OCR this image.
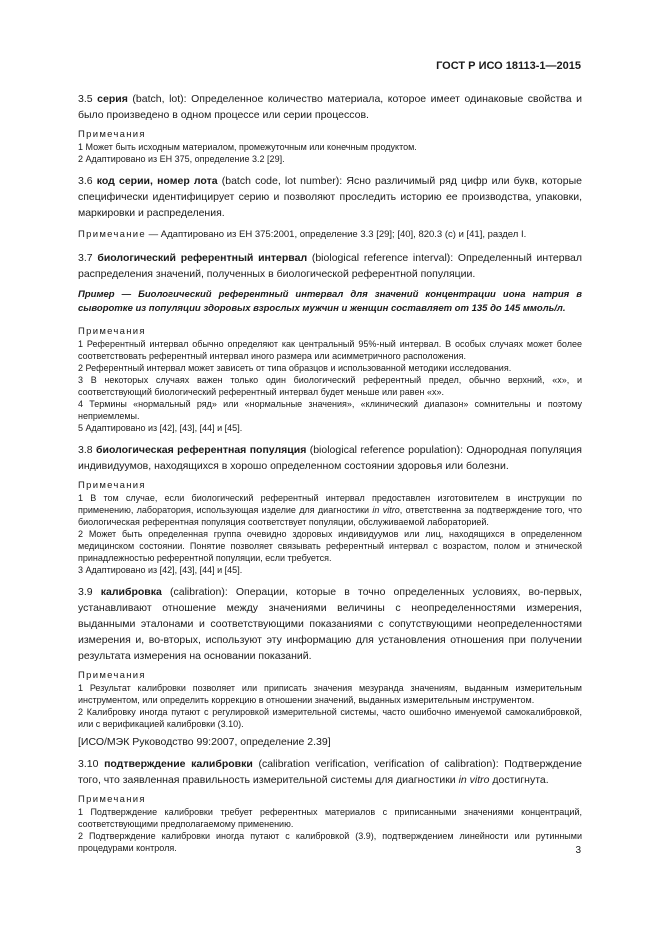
ГОСТ Р ИСО 18113-1—2015

3.5 серия (batch, lot): Определенное количество материала, которое имеет одинаковые свойства и было произведено в одном процессе или серии процессов.

Примечания

1 Может быть исходным материалом, промежуточным или конечным продуктом.

2 Адаптировано из ЕН 375, определение 3.2 [29].

3.6 код серии, номер лота (batch code, lot number): Ясно различимый ряд цифр или букв, которые специфически идентифицирует серию и позволяют проследить историю ее производства, упаковки, маркировки и распределения.

Примечание — Адаптировано из ЕН 375:2001, определение 3.3 [29]; [40], 820.3 (с) и [41], раздел I.

3.7 биологический референтный интервал (biological reference interval): Определенный интервал распределения значений, полученных в биологической референтной популяции.

Пример — Биологический референтный интервал для значений концентрации иона натрия в сыворотке из популяции здоровых взрослых мужчин и женщин составляет от 135 до 145 ммоль/л.

Примечания

1 Референтный интервал обычно определяют как центральный 95%-ный интервал. В особых случаях может более соответствовать референтный интервал иного размера или асимметричного расположения.

2 Референтный интервал может зависеть от типа образцов и использованной методики исследования.

3 В некоторых случаях важен только один биологический референтный предел, обычно верхний, «x», и соответствующий биологический референтный интервал будет меньше или равен «x».

4 Термины «нормальный ряд» или «нормальные значения», «клинический диапазон» сомнительны и поэтому неприемлемы.

5 Адаптировано из [42], [43], [44] и [45].

3.8 биологическая референтная популяция (biological reference population): Однородная популяция индивидуумов, находящихся в хорошо определенном состоянии здоровья или болезни.

Примечания

1 В том случае, если биологический референтный интервал предоставлен изготовителем в инструкции по применению, лаборатория, использующая изделие для диагностики in vitro, ответственна за подтверждение того, что биологическая референтная популяция соответствует популяции, обслуживаемой лабораторией.

2 Может быть определенная группа очевидно здоровых индивидуумов или лиц, находящихся в определенном медицинском состоянии. Понятие позволяет связывать референтный интервал с возрастом, полом и этнической принадлежностью референтной популяции, если требуется.

3 Адаптировано из [42], [43], [44] и [45].

3.9 калибровка (calibration): Операции, которые в точно определенных условиях, во-первых, устанавливают отношение между значениями величины с неопределенностями измерения, выданными эталонами и соответствующими показаниями с сопутствующими неопределенностями измерения и, во-вторых, используют эту информацию для установления отношения при получении результата измерения на основании показаний.

Примечания

1 Результат калибровки позволяет или приписать значения мезуранда значениям, выданным измерительным инструментом, или определить коррекцию в отношении значений, выданных измерительным инструментом.

2 Калибровку иногда путают с регулировкой измерительной системы, часто ошибочно именуемой самокалибровкой, или с верификацией калибровки (3.10).

[ИСО/МЭК Руководство 99:2007, определение 2.39]

3.10 подтверждение калибровки (calibration verification, verification of calibration): Подтверждение того, что заявленная правильность измерительной системы для диагностики in vitro достигнута.

Примечания

1 Подтверждение калибровки требует референтных материалов с приписанными значениями концентраций, соответствующими предполагаемому применению.

2 Подтверждение калибровки иногда путают с калибровкой (3.9), подтверждением линейности или рутинными процедурами контроля.	3
